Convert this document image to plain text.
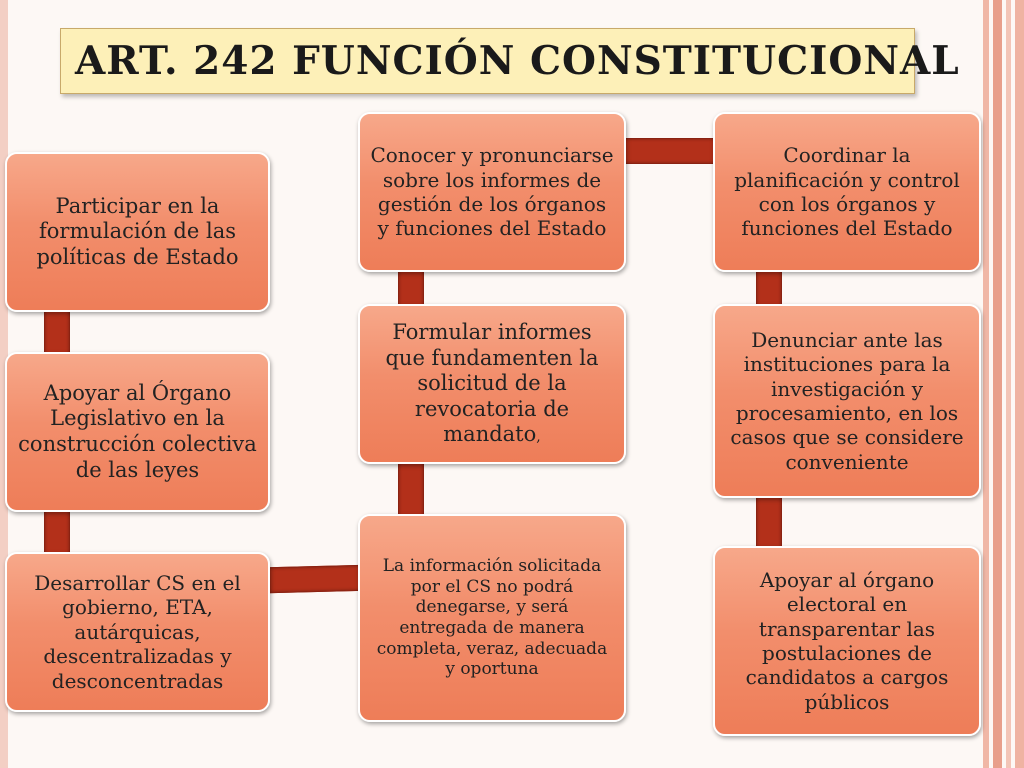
ART. 242 FUNCIÓN CONSTITUCIONAL
Participar en la formulación de las políticas de Estado
Apoyar al Órgano Legislativo en la construcción colectiva de las leyes
Desarrollar CS en el gobierno, ETA, autárquicas, descentralizadas y desconcentradas
Conocer y pronunciarse sobre los informes de gestión de los órganos y funciones del Estado
Formular informes que fundamenten la solicitud de la revocatoria de mandato,
La información solicitada por el CS no podrá denegarse, y será entregada de manera completa, veraz, adecuada y oportuna
Coordinar la planificación y control con los órganos y funciones del Estado
Denunciar ante las instituciones para la investigación y procesamiento, en los casos que se considere conveniente
Apoyar al órgano electoral en transparentar las postulaciones de candidatos a cargos públicos
